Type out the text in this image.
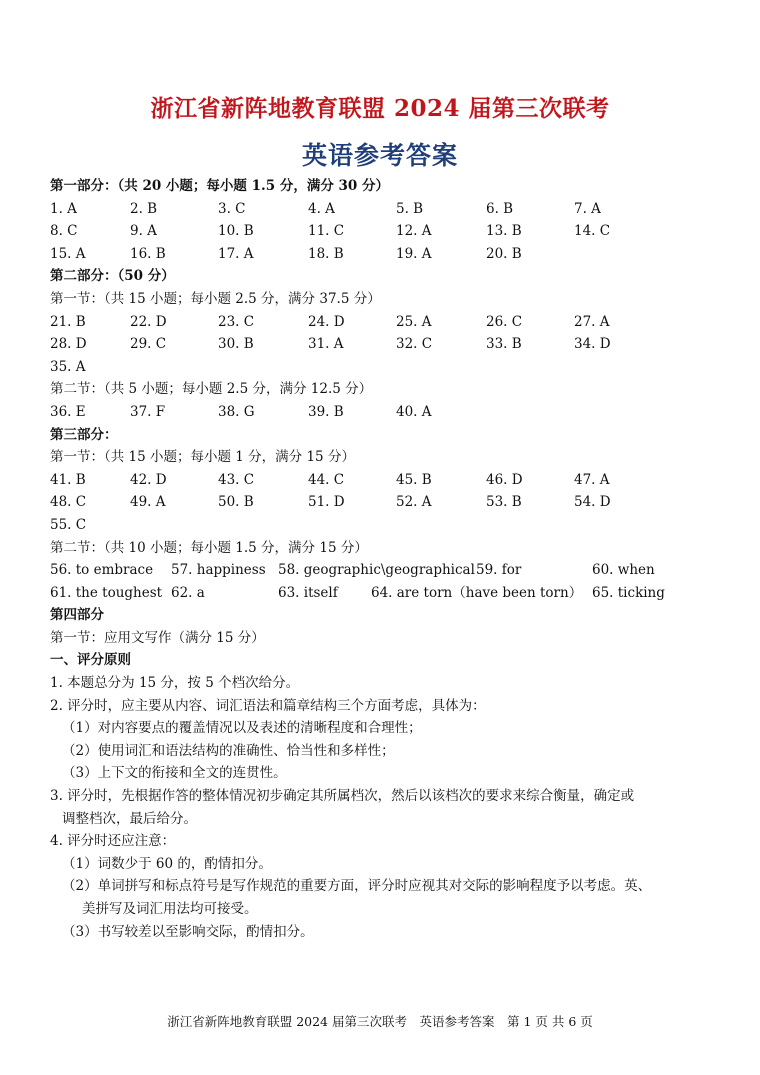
浙江省新阵地教育联盟 2024 届第三次联考
英语参考答案
第一部分：（共 20 小题；每小题 1.5 分，满分 30 分）
1. A	2. B	3. C	4. A	5. B	6. B	7. A
8. C	9. A	10. B	11. C	12. A	13. B	14. C
15. A	16. B	17. A	18. B	19. A	20. B
第二部分：（50 分）
第一节：（共 15 小题；每小题 2.5 分，满分 37.5 分）
21. B	22. D	23. C	24. D	25. A	26. C	27. A
28. D	29. C	30. B	31. A	32. C	33. B	34. D
35. A
第二节：（共 5 小题；每小题 2.5 分，满分 12.5 分）
36. E	37. F	38. G	39. B	40. A
第三部分：
第一节：（共 15 小题；每小题 1 分，满分 15 分）
41. B	42. D	43. C	44. C	45. B	46. D	47. A
48. C	49. A	50. B	51. D	52. A	53. B	54. D
55. C
第二节：（共 10 小题；每小题 1.5 分，满分 15 分）
56. to embrace 57. happiness 58. geographic\geographical 59. for	60. when
61. the toughest 62. a	63. itself 64. are torn（have been torn） 65. ticking
第四部分
第一节：应用文写作（满分 15 分）
一、评分原则
1. 本题总分为 15 分，按 5 个档次给分。
2. 评分时，应主要从内容、词汇语法和篇章结构三个方面考虑，具体为：
（1）对内容要点的覆盖情况以及表述的清晰程度和合理性；
（2）使用词汇和语法结构的准确性、恰当性和多样性；
（3）上下文的衔接和全文的连贯性。
3. 评分时，先根据作答的整体情况初步确定其所属档次，然后以该档次的要求来综合衡量，确定或
调整档次，最后给分。
4. 评分时还应注意：
（1）词数少于 60 的，酌情扣分。
（2）单词拼写和标点符号是写作规范的重要方面，评分时应视其对交际的影响程度予以考虑。英、
美拼写及词汇用法均可接受。
（3）书写较差以至影响交际，酌情扣分。
浙江省新阵地教育联盟 2024 届第三次联考　英语参考答案　第 1 页 共 6 页
